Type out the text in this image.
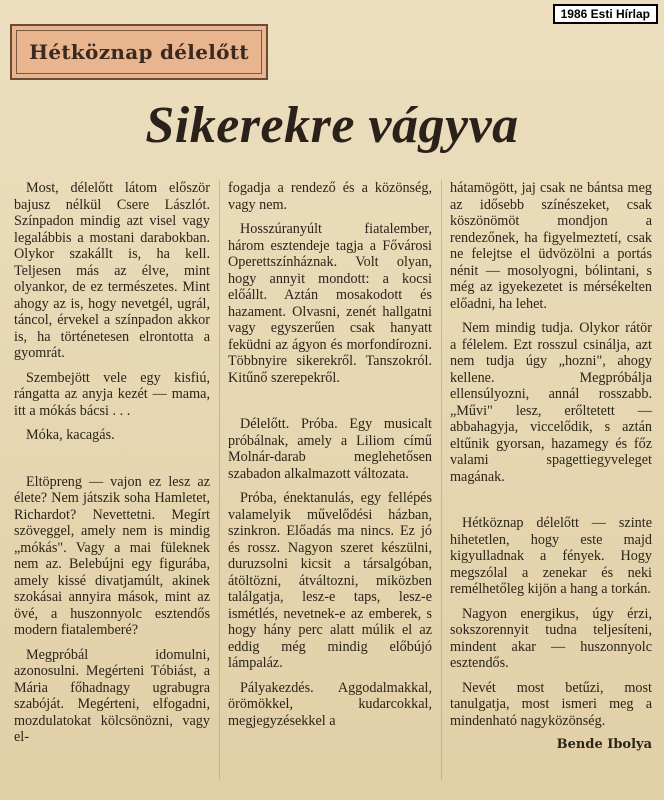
1986 Esti Hírlap
Hétköznap délelőtt
Sikerekre vágyva

Most, délelőtt látom először bajusz nélkül Csere Lászlót. Színpadon mindig azt visel vagy legalábbis a mostani darabokban. Olykor szakállt is, ha kell. Teljesen más az élve, mint olyankor, de ez természetes. Mint ahogy az is, hogy nevetgél, ugrál, táncol, érvekel a színpadon akkor is, ha történetesen elrontotta a gyomrát.

Szembejött vele egy kisfiú, rángatta az anyja kezét — mama, itt a mókás bácsi . . .

Móka, kacagás.

Eltöpreng — vajon ez lesz az élete? Nem játszik soha Hamletet, Richardot? Nevettetni. Megírt szöveggel, amely nem is mindig „mókás". Vagy a mai füleknek nem az. Belebújni egy figurába, amely kissé divatjamúlt, akinek szokásai annyira mások, mint az övé, a huszonnyolc esztendős modern fiatalemberé?

Megpróbál idomulni, azonosulni. Megérteni Tóbiást, a Mária főhadnagy ugrabugra szabóját. Megérteni, elfogadni, mozdulatokat kölcsönözni, vagy el-

fogadja a rendező és a közönség, vagy nem.

Hosszúranyúlt fiatalember, három esztendeje tagja a Fővárosi Operettszínháznak. Volt olyan, hogy annyit mondott: a kocsi előállt. Aztán mosakodott és hazament. Olvasni, zenét hallgatni vagy egyszerűen csak hanyatt feküdni az ágyon és morfondírozni. Többnyire sikerekről. Tanszokról. Kitűnő szerepekről.

Délelőtt. Próba. Egy musicalt próbálnak, amely a Liliom című Molnár-darab meglehetősen szabadon alkalmazott változata.

Próba, énektanulás, egy fellépés valamelyik művelődési házban, szinkron. Előadás ma nincs. Ez jó és rossz. Nagyon szeret készülni, duruzsolni kicsit a társalgóban, átöltözni, átváltozni, miközben találgatja, lesz-e taps, lesz-e ismétlés, nevetnek-e az emberek, s hogy hány perc alatt múlik el az eddig még mindig előbújó lámpaláz.

Pályakezdés. Aggodalmakkal, örömökkel, kudarcokkal, megjegyzésekkel a

hátamögött, jaj csak ne bántsa meg az idősebb színészeket, csak köszönömöt mondjon a rendezőnek, ha figyelmeztetí, csak ne felejtse el üdvözölni a portás nénit — mosolyogni, bólintani, s még az igyekezetet is mérsékelten előadni, ha lehet.

Nem mindig tudja. Olykor rátör a félelem. Ezt rosszul csinálja, azt nem tudja úgy „hozni", ahogy kellene. Megpróbálja ellensúlyozni, annál rosszabb. „Művi" lesz, erőltetett — abbahagyja, viccelődik, s aztán eltűnik gyorsan, hazamegy és főz valami spagettiegyveleget magának.

Hétköznap délelőtt — szinte hihetetlen, hogy este majd kigyulladnak a fények. Hogy megszólal a zenekar és neki remélhetőleg kijön a hang a torkán.

Nagyon energikus, úgy érzi, sokszorennyit tudna teljesíteni, mindent akar — huszonnyolc esztendős.

Nevét most betűzi, most tanulgatja, most ismeri meg a mindenható nagyközönség.

Bende Ibolya
